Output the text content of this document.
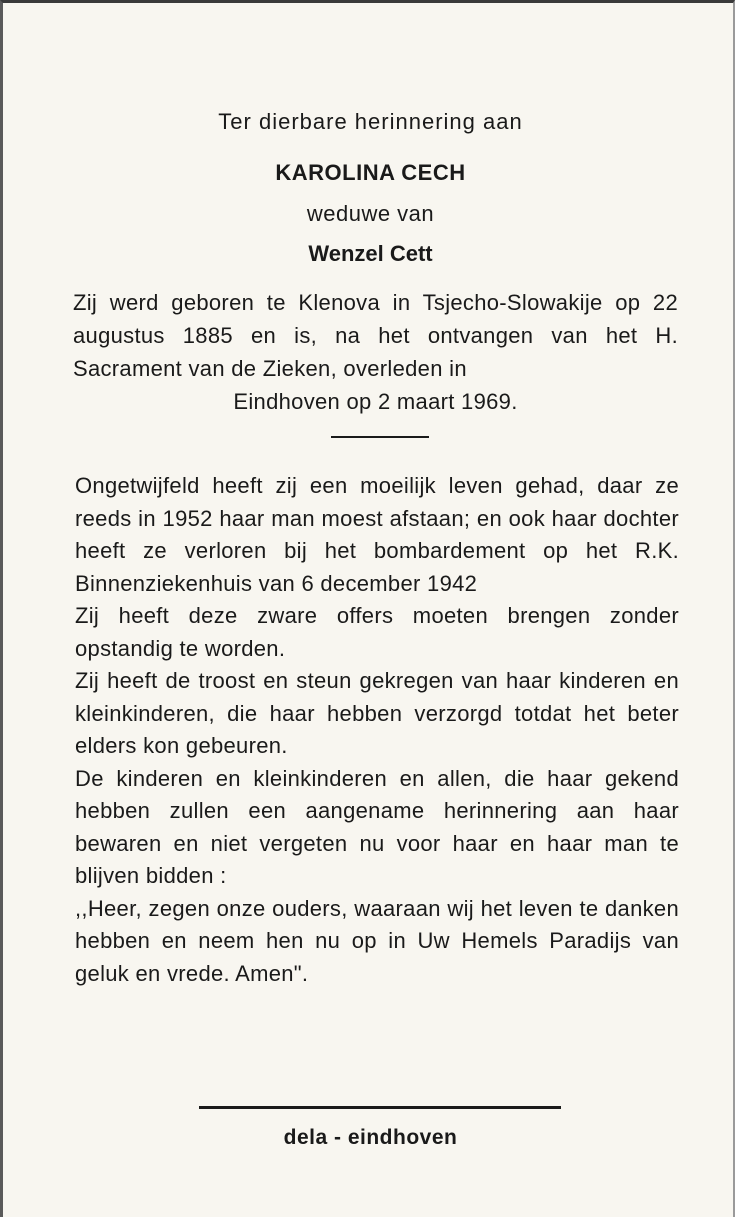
Ter dierbare herinnering aan
KAROLINA CECH
weduwe van
Wenzel Cett
Zij werd geboren te Klenova in Tsjecho-Slowakije op 22 augustus 1885 en is, na het ontvangen van het H. Sacrament van de Zieken, overleden in
Eindhoven op 2 maart 1969.

Ongetwijfeld heeft zij een moeilijk leven gehad, daar ze reeds in 1952 haar man moest afstaan; en ook haar dochter heeft ze verloren bij het bombardement op het R.K. Binnenziekenhuis van 6 december 1942

Zij heeft deze zware offers moeten brengen zonder opstandig te worden.

Zij heeft de troost en steun gekregen van haar kinderen en kleinkinderen, die haar hebben verzorgd totdat het beter elders kon gebeuren.

De kinderen en kleinkinderen en allen, die haar gekend hebben zullen een aangename herinnering aan haar bewaren en niet vergeten nu voor haar en haar man te blijven bidden :

,,Heer, zegen onze ouders, waaraan wij het leven te danken hebben en neem hen nu op in Uw Hemels Paradijs van geluk en vrede. Amen".

dela - eindhoven
